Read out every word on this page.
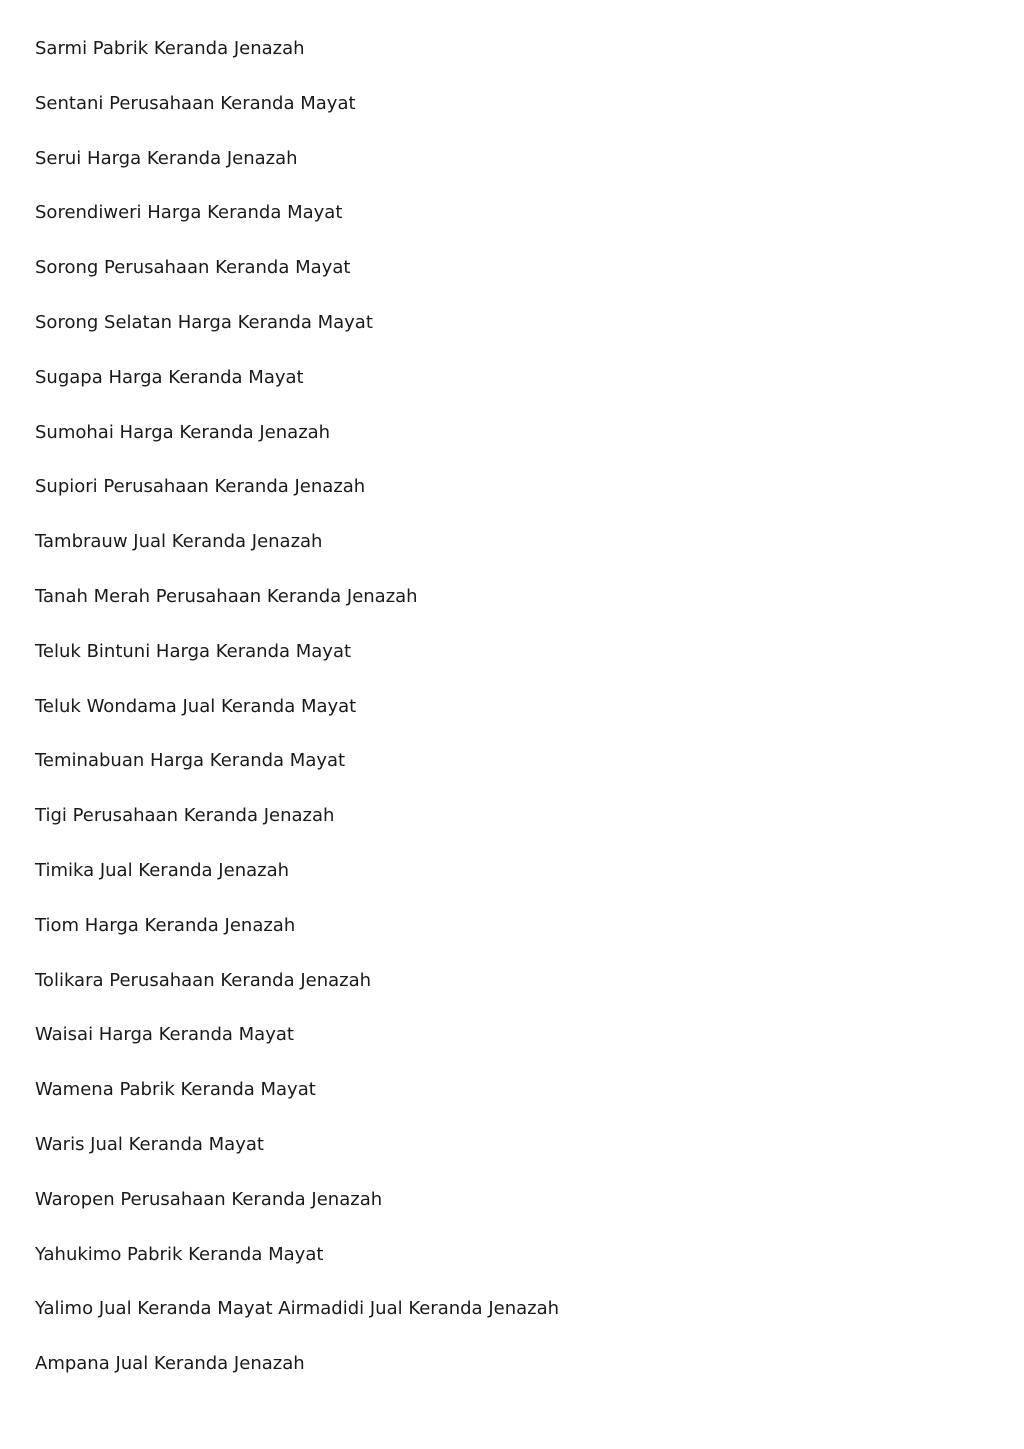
Sarmi Pabrik Keranda Jenazah
Sentani Perusahaan Keranda Mayat
Serui Harga Keranda Jenazah
Sorendiweri Harga Keranda Mayat
Sorong Perusahaan Keranda Mayat
Sorong Selatan Harga Keranda Mayat
Sugapa Harga Keranda Mayat
Sumohai Harga Keranda Jenazah
Supiori Perusahaan Keranda Jenazah
Tambrauw Jual Keranda Jenazah
Tanah Merah Perusahaan Keranda Jenazah
Teluk Bintuni Harga Keranda Mayat
Teluk Wondama Jual Keranda Mayat
Teminabuan Harga Keranda Mayat
Tigi Perusahaan Keranda Jenazah
Timika Jual Keranda Jenazah
Tiom Harga Keranda Jenazah
Tolikara Perusahaan Keranda Jenazah
Waisai Harga Keranda Mayat
Wamena Pabrik Keranda Mayat
Waris Jual Keranda Mayat
Waropen Perusahaan Keranda Jenazah
Yahukimo Pabrik Keranda Mayat
Yalimo Jual Keranda Mayat Airmadidi Jual Keranda Jenazah
Ampana Jual Keranda Jenazah
